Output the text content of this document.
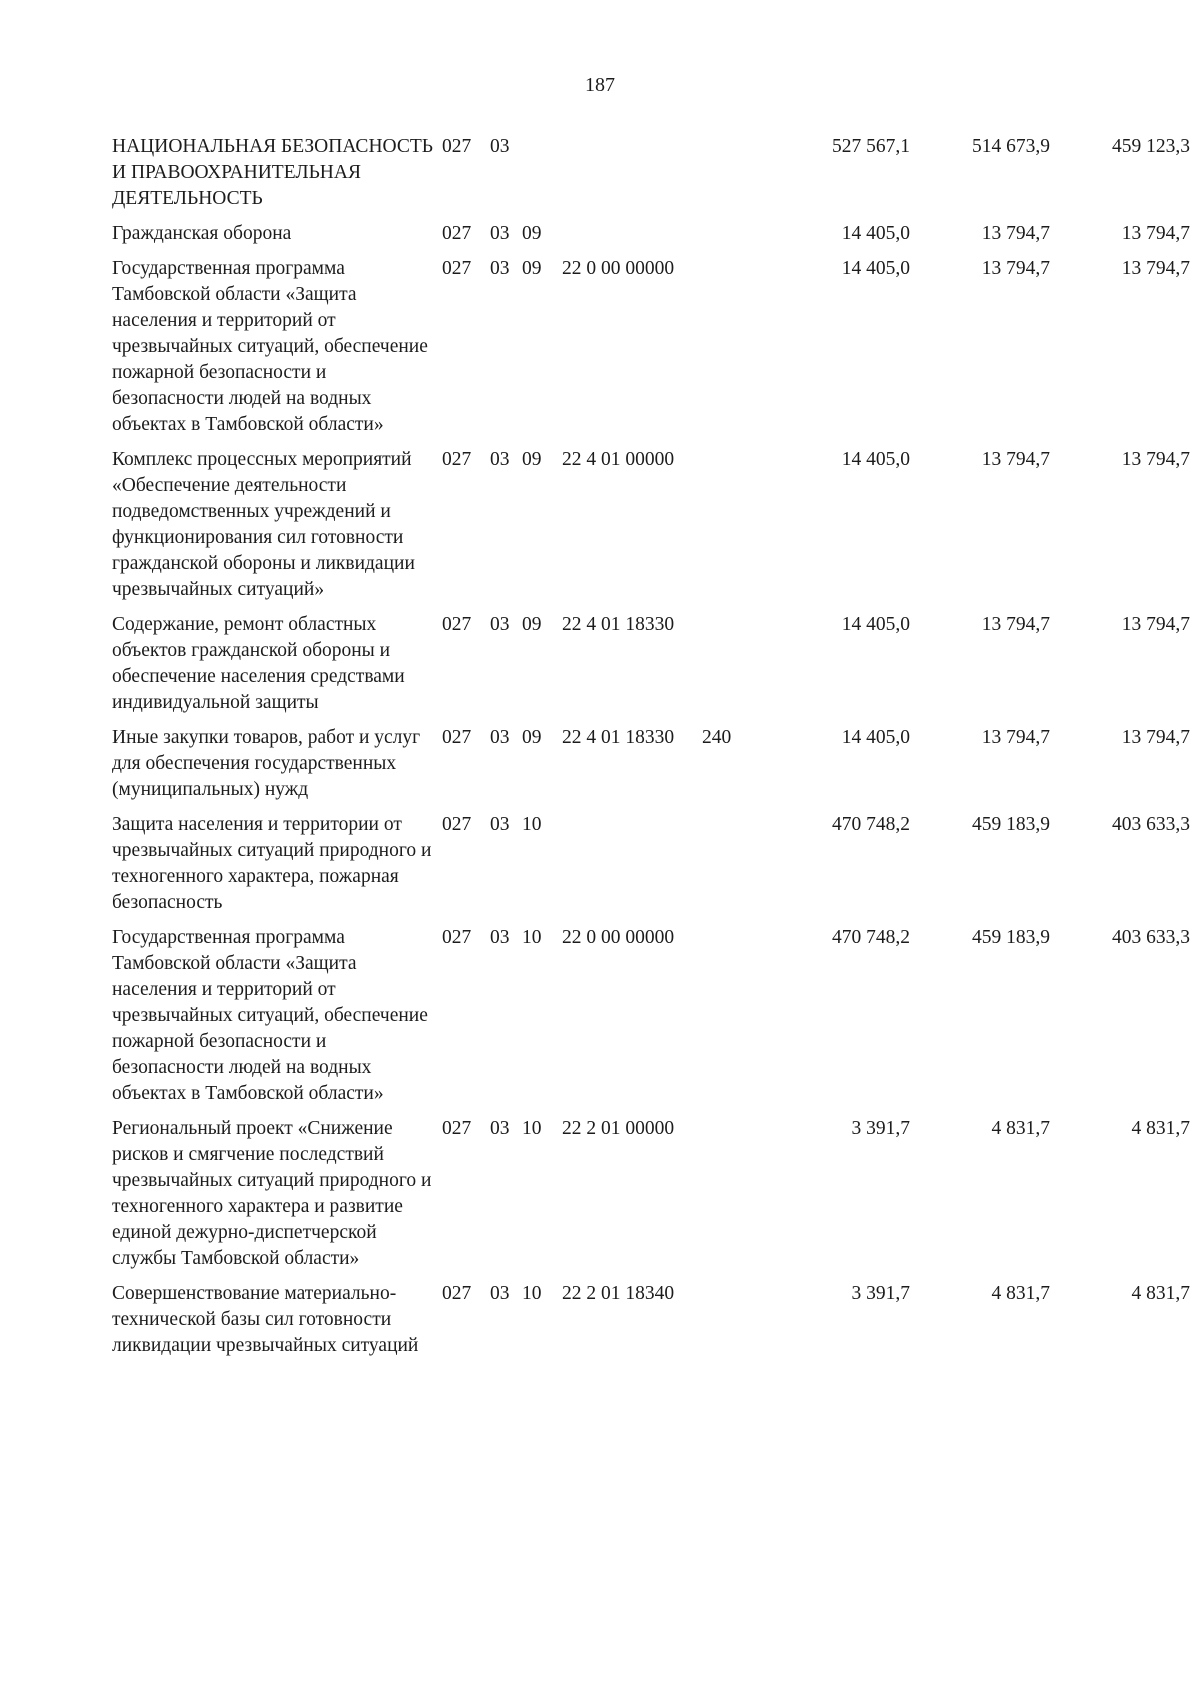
187
НАЦИОНАЛЬНАЯ БЕЗОПАСНОСТЬ И ПРАВООХРАНИТЕЛЬНАЯ ДЕЯТЕЛЬНОСТЬ	027	03				527 567,1	514 673,9	459 123,3
Гражданская оборона	027	03	09			14 405,0	13 794,7	13 794,7
Государственная программа Тамбовской области «Защита населения и территорий от чрезвычайных ситуаций, обеспечение пожарной безопасности и безопасности людей на водных объектах в Тамбовской области»	027	03	09	22 0 00 00000		14 405,0	13 794,7	13 794,7
Комплекс процессных мероприятий «Обеспечение деятельности подведомственных учреждений и функционирования сил готовности гражданской обороны и ликвидации чрезвычайных ситуаций»	027	03	09	22 4 01 00000		14 405,0	13 794,7	13 794,7
Содержание, ремонт областных объектов гражданской обороны и обеспечение населения средствами индивидуальной защиты	027	03	09	22 4 01 18330		14 405,0	13 794,7	13 794,7
Иные закупки товаров, работ и услуг для обеспечения государственных (муниципальных) нужд	027	03	09	22 4 01 18330	240	14 405,0	13 794,7	13 794,7
Защита населения и территории от чрезвычайных ситуаций природного и техногенного характера, пожарная безопасность	027	03	10			470 748,2	459 183,9	403 633,3
Государственная программа Тамбовской области «Защита населения и территорий от чрезвычайных ситуаций, обеспечение пожарной безопасности и безопасности людей на водных объектах в Тамбовской области»	027	03	10	22 0 00 00000		470 748,2	459 183,9	403 633,3
Региональный проект «Снижение рисков и смягчение последствий чрезвычайных ситуаций природного и техногенного характера и развитие единой дежурно-диспетчерской службы Тамбовской области»	027	03	10	22 2 01 00000		3 391,7	4 831,7	4 831,7
Совершенствование материально-технической базы сил готовности ликвидации чрезвычайных ситуаций	027	03	10	22 2 01 18340		3 391,7	4 831,7	4 831,7
